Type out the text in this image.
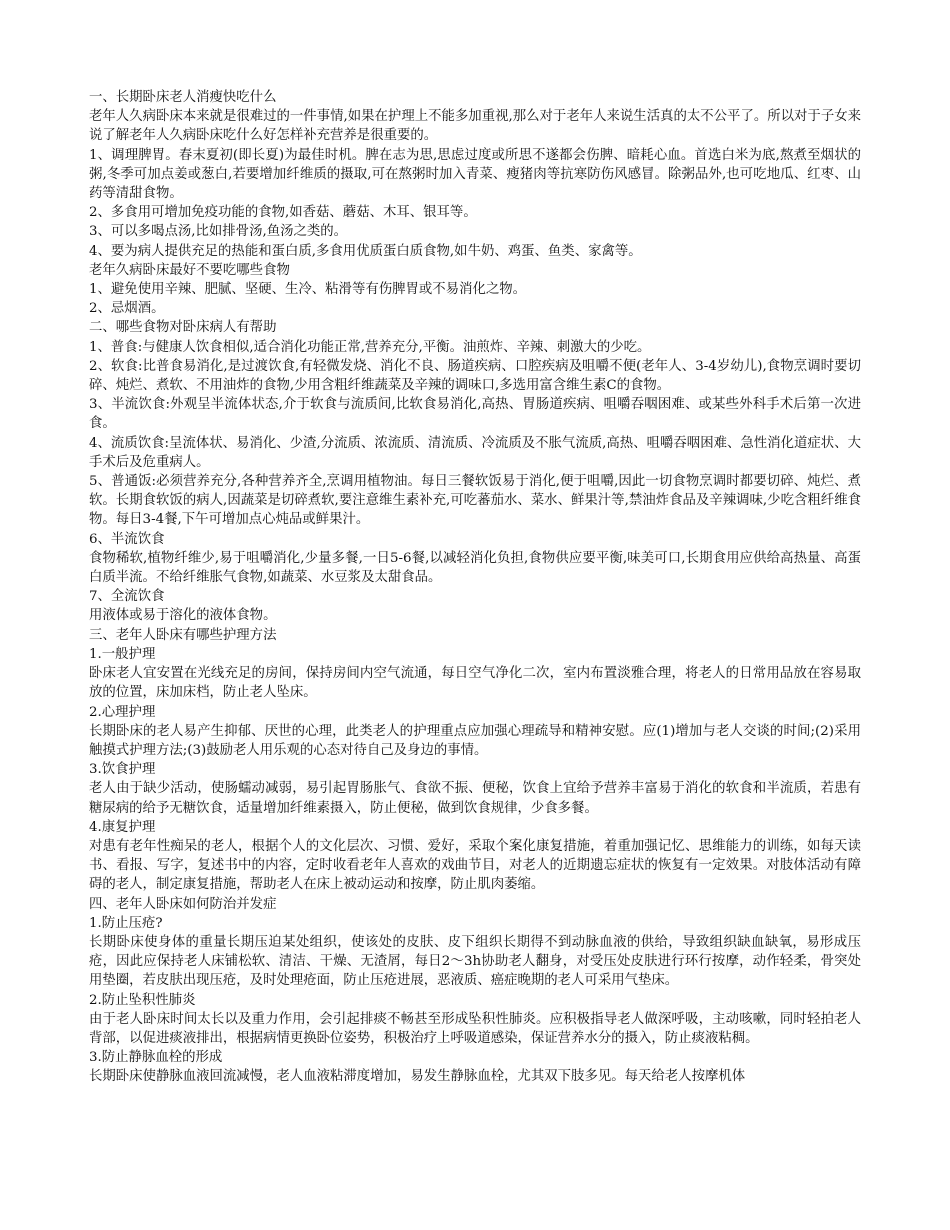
一、长期卧床老人消瘦快吃什么

老年人久病卧床本来就是很难过的一件事情,如果在护理上不能多加重视,那么对于老年人来说生活真的太不公平了。所以对于子女来说了解老年人久病卧床吃什么好怎样补充营养是很重要的。

1、调理脾胃。春末夏初(即长夏)为最佳时机。脾在志为思,思虑过度或所思不遂都会伤脾、暗耗心血。首选白米为底,熬煮至烟状的粥,冬季可加点姜或葱白,若要增加纤维质的摄取,可在熬粥时加入青菜、瘦猪肉等抗寒防伤风感冒。除粥品外,也可吃地瓜、红枣、山药等清甜食物。

2、多食用可增加免疫功能的食物,如香菇、蘑菇、木耳、银耳等。

3、可以多喝点汤,比如排骨汤,鱼汤之类的。

4、要为病人提供充足的热能和蛋白质,多食用优质蛋白质食物,如牛奶、鸡蛋、鱼类、家禽等。

老年久病卧床最好不要吃哪些食物

1、避免使用辛辣、肥腻、坚硬、生冷、粘滑等有伤脾胃或不易消化之物。

2、忌烟酒。

二、哪些食物对卧床病人有帮助

1、普食:与健康人饮食相似,适合消化功能正常,营养充分,平衡。油煎炸、辛辣、刺激大的少吃。

2、软食:比普食易消化,是过渡饮食,有轻微发烧、消化不良、肠道疾病、口腔疾病及咀嚼不便(老年人、3-4岁幼儿),食物烹调时要切碎、炖烂、煮软、不用油炸的食物,少用含粗纤维蔬菜及辛辣的调味口,多选用富含维生素C的食物。

3、半流饮食:外观呈半流体状态,介于软食与流质间,比软食易消化,高热、胃肠道疾病、咀嚼吞咽困难、或某些外科手术后第一次进食。

4、流质饮食:呈流体状、易消化、少渣,分流质、浓流质、清流质、冷流质及不胀气流质,高热、咀嚼吞咽困难、急性消化道症状、大手术后及危重病人。

5、普通饭:必须营养充分,各种营养齐全,烹调用植物油。每日三餐软饭易于消化,便于咀嚼,因此一切食物烹调时都要切碎、炖烂、煮软。长期食软饭的病人,因蔬菜是切碎煮软,要注意维生素补充,可吃蕃茄水、菜水、鲜果汁等,禁油炸食品及辛辣调味,少吃含粗纤维食物。每日3-4餐,下午可增加点心炖品或鲜果汁。

6、半流饮食

食物稀软,植物纤维少,易于咀嚼消化,少量多餐,一日5-6餐,以减轻消化负担,食物供应要平衡,味美可口,长期食用应供给高热量、高蛋白质半流。不给纤维胀气食物,如蔬菜、水豆浆及太甜食品。

7、全流饮食

用液体或易于溶化的液体食物。

三、老年人卧床有哪些护理方法

1.一般护理

卧床老人宜安置在光线充足的房间，保持房间内空气流通，每日空气净化二次，室内布置淡雅合理，将老人的日常用品放在容易取放的位置，床加床档，防止老人坠床。

2.心理护理

长期卧床的老人易产生抑郁、厌世的心理，此类老人的护理重点应加强心理疏导和精神安慰。应(1)增加与老人交谈的时间;(2)采用触摸式护理方法;(3)鼓励老人用乐观的心态对待自己及身边的事情。

3.饮食护理

老人由于缺少活动，使肠蠕动减弱，易引起胃肠胀气、食欲不振、便秘，饮食上宜给予营养丰富易于消化的软食和半流质，若患有糖尿病的给予无糖饮食，适量增加纤维素摄入，防止便秘，做到饮食规律，少食多餐。

4.康复护理

对患有老年性痴呆的老人，根据个人的文化层次、习惯、爱好，采取个案化康复措施，着重加强记忆、思维能力的训练，如每天读书、看报、写字，复述书中的内容，定时收看老年人喜欢的戏曲节目，对老人的近期遗忘症状的恢复有一定效果。对肢体活动有障碍的老人，制定康复措施，帮助老人在床上被动运动和按摩，防止肌肉萎缩。

四、老年人卧床如何防治并发症

1.防止压疮?

长期卧床使身体的重量长期压迫某处组织，使该处的皮肤、皮下组织长期得不到动脉血液的供给，导致组织缺血缺氧，易形成压疮，因此应保持老人床铺松软、清洁、干燥、无渣屑，每日2～3h协助老人翻身，对受压处皮肤进行环行按摩，动作轻柔，骨突处用垫圈，若皮肤出现压疮，及时处理疮面，防止压疮进展，恶液质、癌症晚期的老人可采用气垫床。

2.防止坠积性肺炎

由于老人卧床时间太长以及重力作用，会引起排痰不畅甚至形成坠积性肺炎。应积极指导老人做深呼吸，主动咳嗽，同时轻拍老人背部，以促进痰液排出，根据病情更换卧位姿势，积极治疗上呼吸道感染，保证营养水分的摄入，防止痰液粘稠。

3.防止静脉血栓的形成

长期卧床使静脉血液回流减慢，老人血液粘滞度增加，易发生静脉血栓，尤其双下肢多见。每天给老人按摩机体
